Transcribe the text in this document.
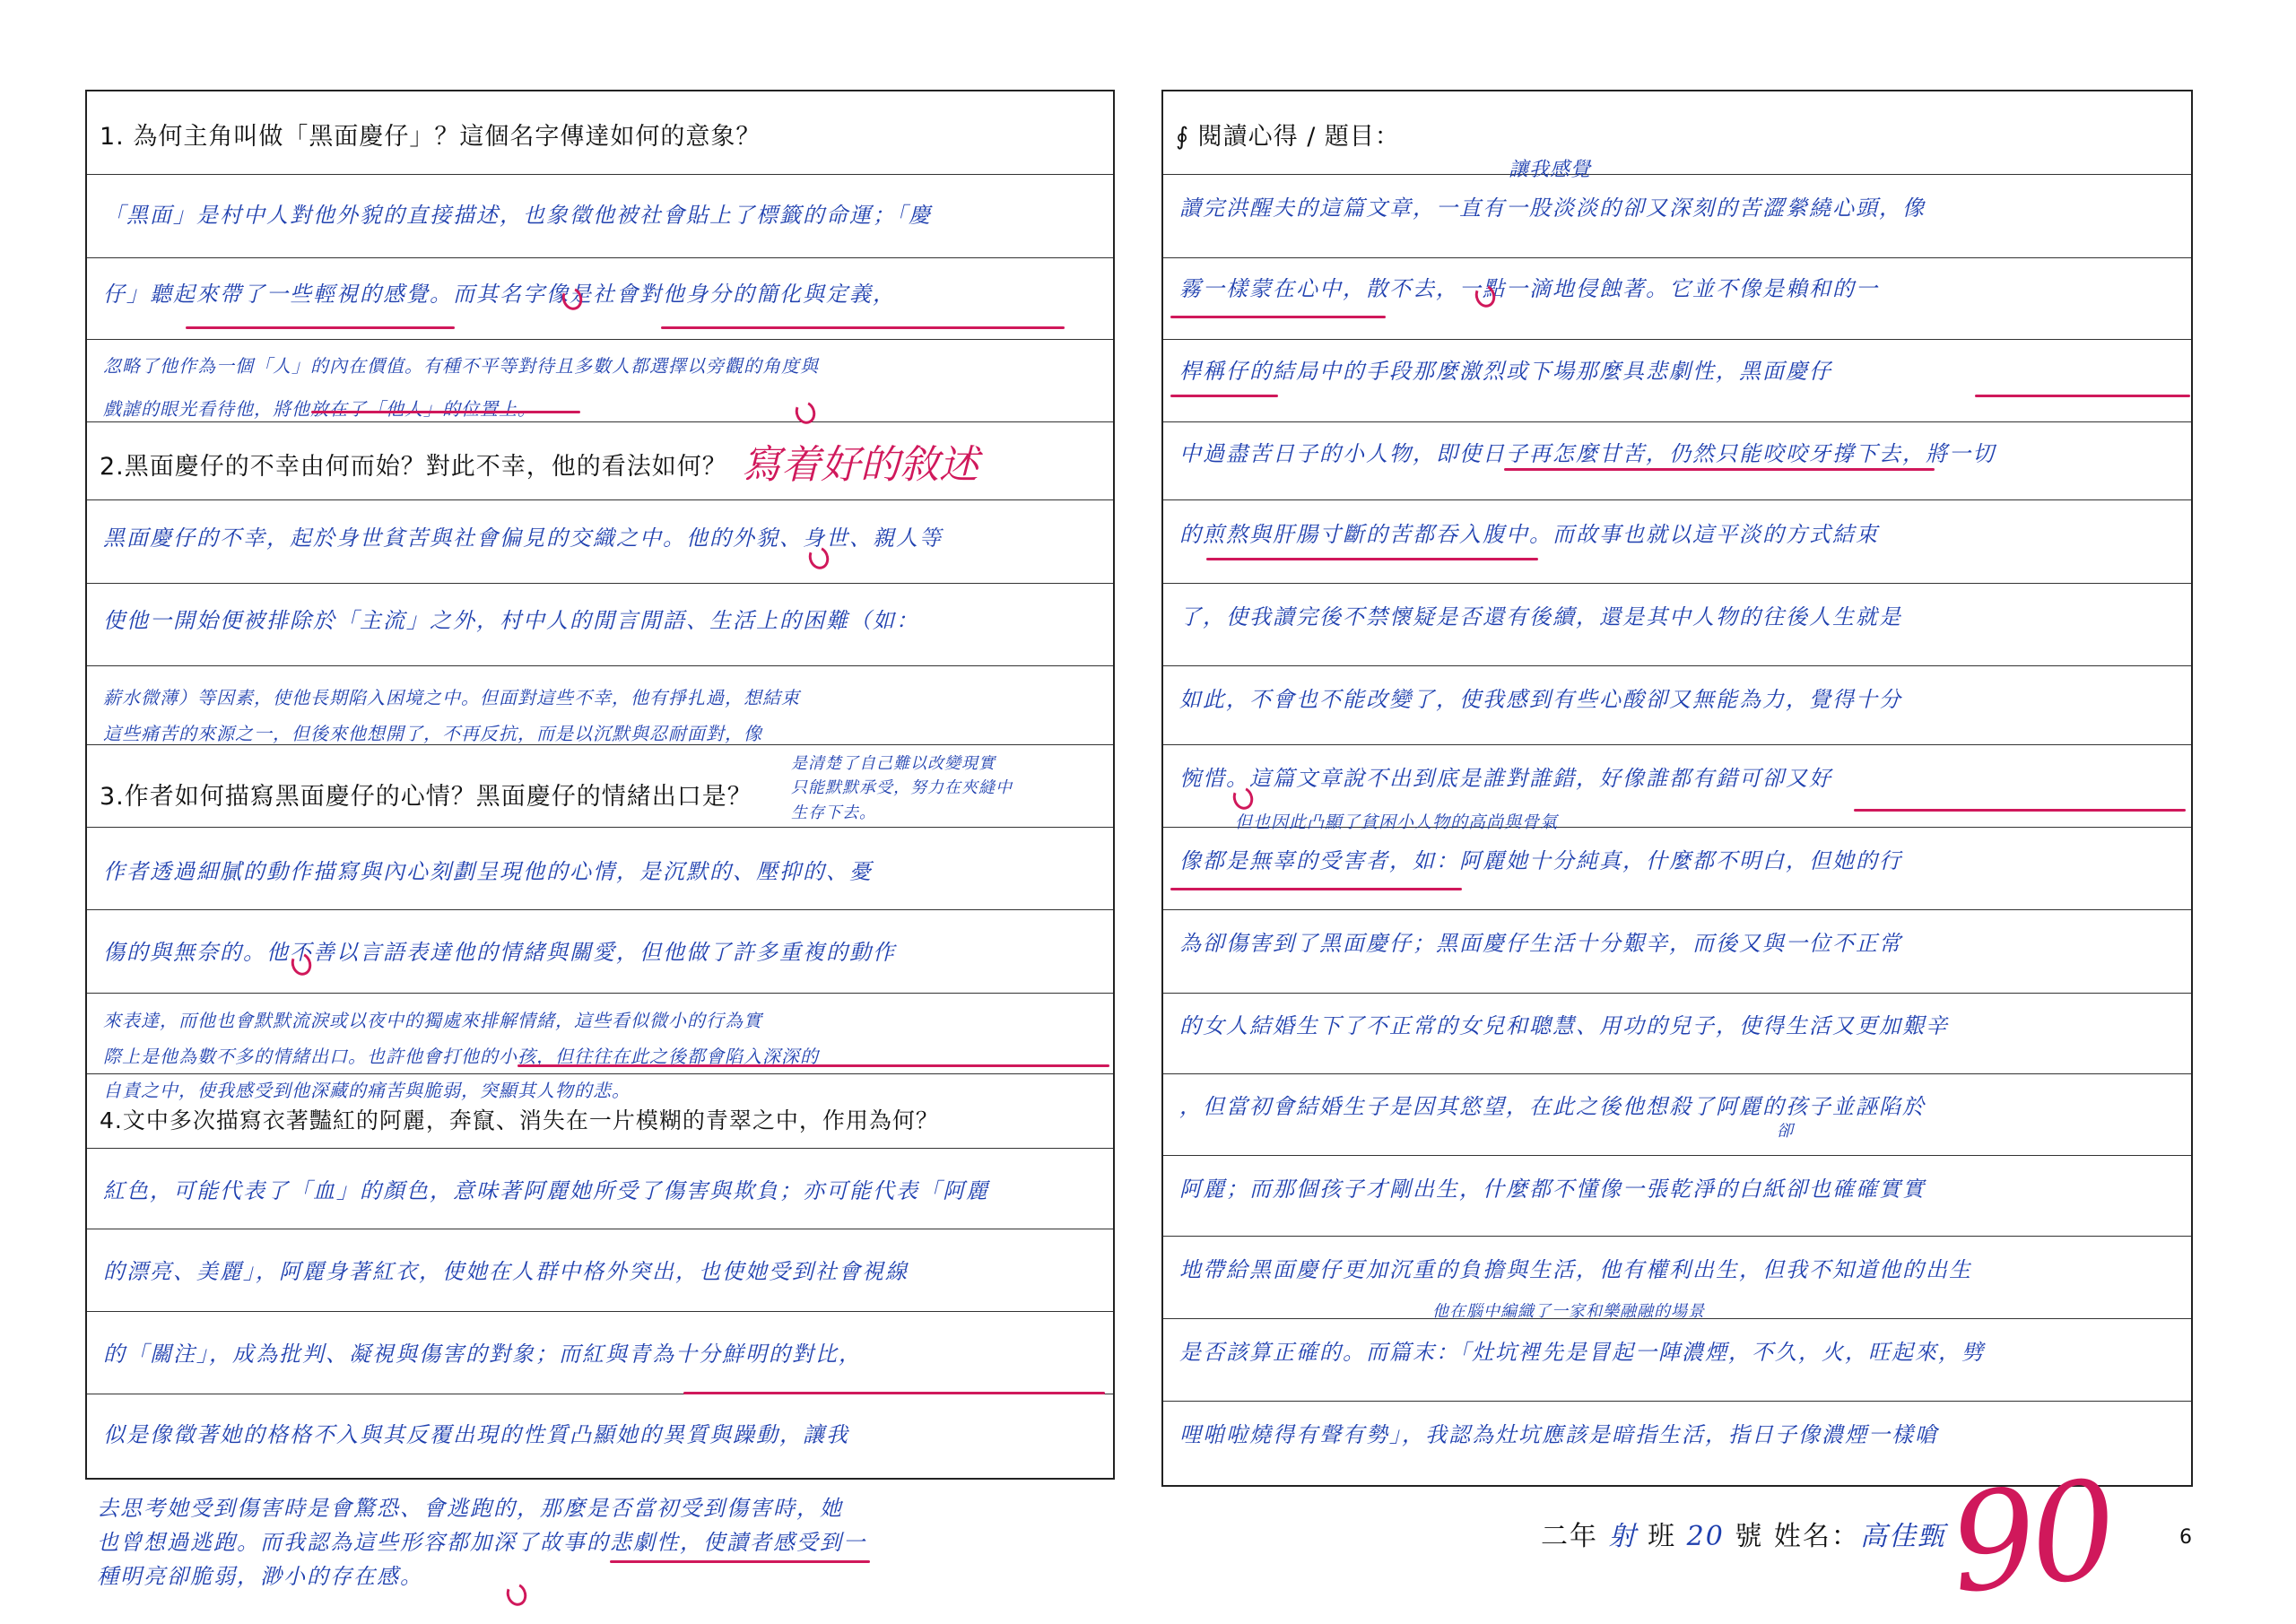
1. 為何主角叫做「黑面慶仔」？這個名字傳達如何的意象？
「黑面」是村中人對他外貌的直接描述，也象徵他被社會貼上了標籤的命運；「慶
仔」聽起來帶了一些輕視的感覺。而其名字像是社會對他身分的簡化與定義，
忽略了他作為一個「人」的內在價值。有種不平等對待且多數人都選擇以旁觀的角度與
戲謔的眼光看待他，將他放在了「他人」的位置上。
2.黑面慶仔的不幸由何而始？對此不幸，他的看法如何？ 寫着好的敘述
黑面慶仔的不幸，起於身世貧苦與社會偏見的交織之中。他的外貌、身世、親人等
使他一開始便被排除於「主流」之外，村中人的閒言閒語、生活上的困難（如：
薪水微薄）等因素，使他長期陷入困境之中。但面對這些不幸，他有掙扎過，想結束
這些痛苦的來源之一，但後來他想開了，不再反抗，而是以沉默與忍耐面對，像
3.作者如何描寫黑面慶仔的心情？黑面慶仔的情緒出口是？
是清楚了自己難以改變現實
只能默默承受，努力在夾縫中
生存下去。
作者透過細膩的動作描寫與內心刻劃呈現他的心情，是沉默的、壓抑的、憂
傷的與無奈的。他不善以言語表達他的情緒與關愛，但他做了許多重複的動作
來表達，而他也會默默流淚或以夜中的獨處來排解情緒，這些看似微小的行為實
際上是他為數不多的情緒出口。也許他會打他的小孩，但往往在此之後都會陷入深深的
自責之中，使我感受到他深藏的痛苦與脆弱，突顯其人物的悲。
4.文中多次描寫衣著豔紅的阿麗，奔竄、消失在一片模糊的青翠之中，作用為何？
紅色，可能代表了「血」的顏色，意味著阿麗她所受了傷害與欺負；亦可能代表「阿麗
的漂亮、美麗」，阿麗身著紅衣，使她在人群中格外突出，也使她受到社會視線
的「關注」，成為批判、凝視與傷害的對象；而紅與青為十分鮮明的對比，
似是像徵著她的格格不入與其反覆出現的性質凸顯她的異質與躁動，讓我
去思考她受到傷害時是會驚恐、會逃跑的，那麼是否當初受到傷害時，她
也曾想過逃跑。而我認為這些形容都加深了故事的悲劇性，使讀者感受到一
種明亮卻脆弱，渺小的存在感。
∮ 閱讀心得 / 題目：
讓我感覺
讀完洪醒夫的這篇文章，一直有一股淡淡的卻又深刻的苦澀縈繞心頭，像
霧一樣蒙在心中，散不去，一點一滴地侵蝕著。它並不像是賴和的一
桿稱仔的結局中的手段那麼激烈或下場那麼具悲劇性，黑面慶仔
中過盡苦日子的小人物，即使日子再怎麼甘苦，仍然只能咬咬牙撐下去，將一切
的煎熬與肝腸寸斷的苦都吞入腹中。而故事也就以這平淡的方式結束
了，使我讀完後不禁懷疑是否還有後續，還是其中人物的往後人生就是
如此，不會也不能改變了，使我感到有些心酸卻又無能為力，覺得十分
惋惜。這篇文章說不出到底是誰對誰錯，好像誰都有錯可卻又好
但也因此凸顯了貧困小人物的高尚與骨氣
像都是無辜的受害者，如：阿麗她十分純真，什麼都不明白，但她的行
為卻傷害到了黑面慶仔；黑面慶仔生活十分艱辛，而後又與一位不正常
的女人結婚生下了不正常的女兒和聰慧、用功的兒子，使得生活又更加艱辛
，但當初會結婚生子是因其慾望，在此之後他想殺了阿麗的孩子並誣陷於
卻
阿麗；而那個孩子才剛出生，什麼都不懂像一張乾淨的白紙卻也確確實實
地帶給黑面慶仔更加沉重的負擔與生活，他有權利出生，但我不知道他的出生
他在腦中編織了一家和樂融融的場景
是否該算正確的。而篇末：「灶坑裡先是冒起一陣濃煙，不久，火，旺起來，劈
哩啪啦燒得有聲有勢」，我認為灶坑應該是暗指生活，指日子像濃煙一樣嗆
二年 射 班 20 號 姓名：高佳甄
90	6
